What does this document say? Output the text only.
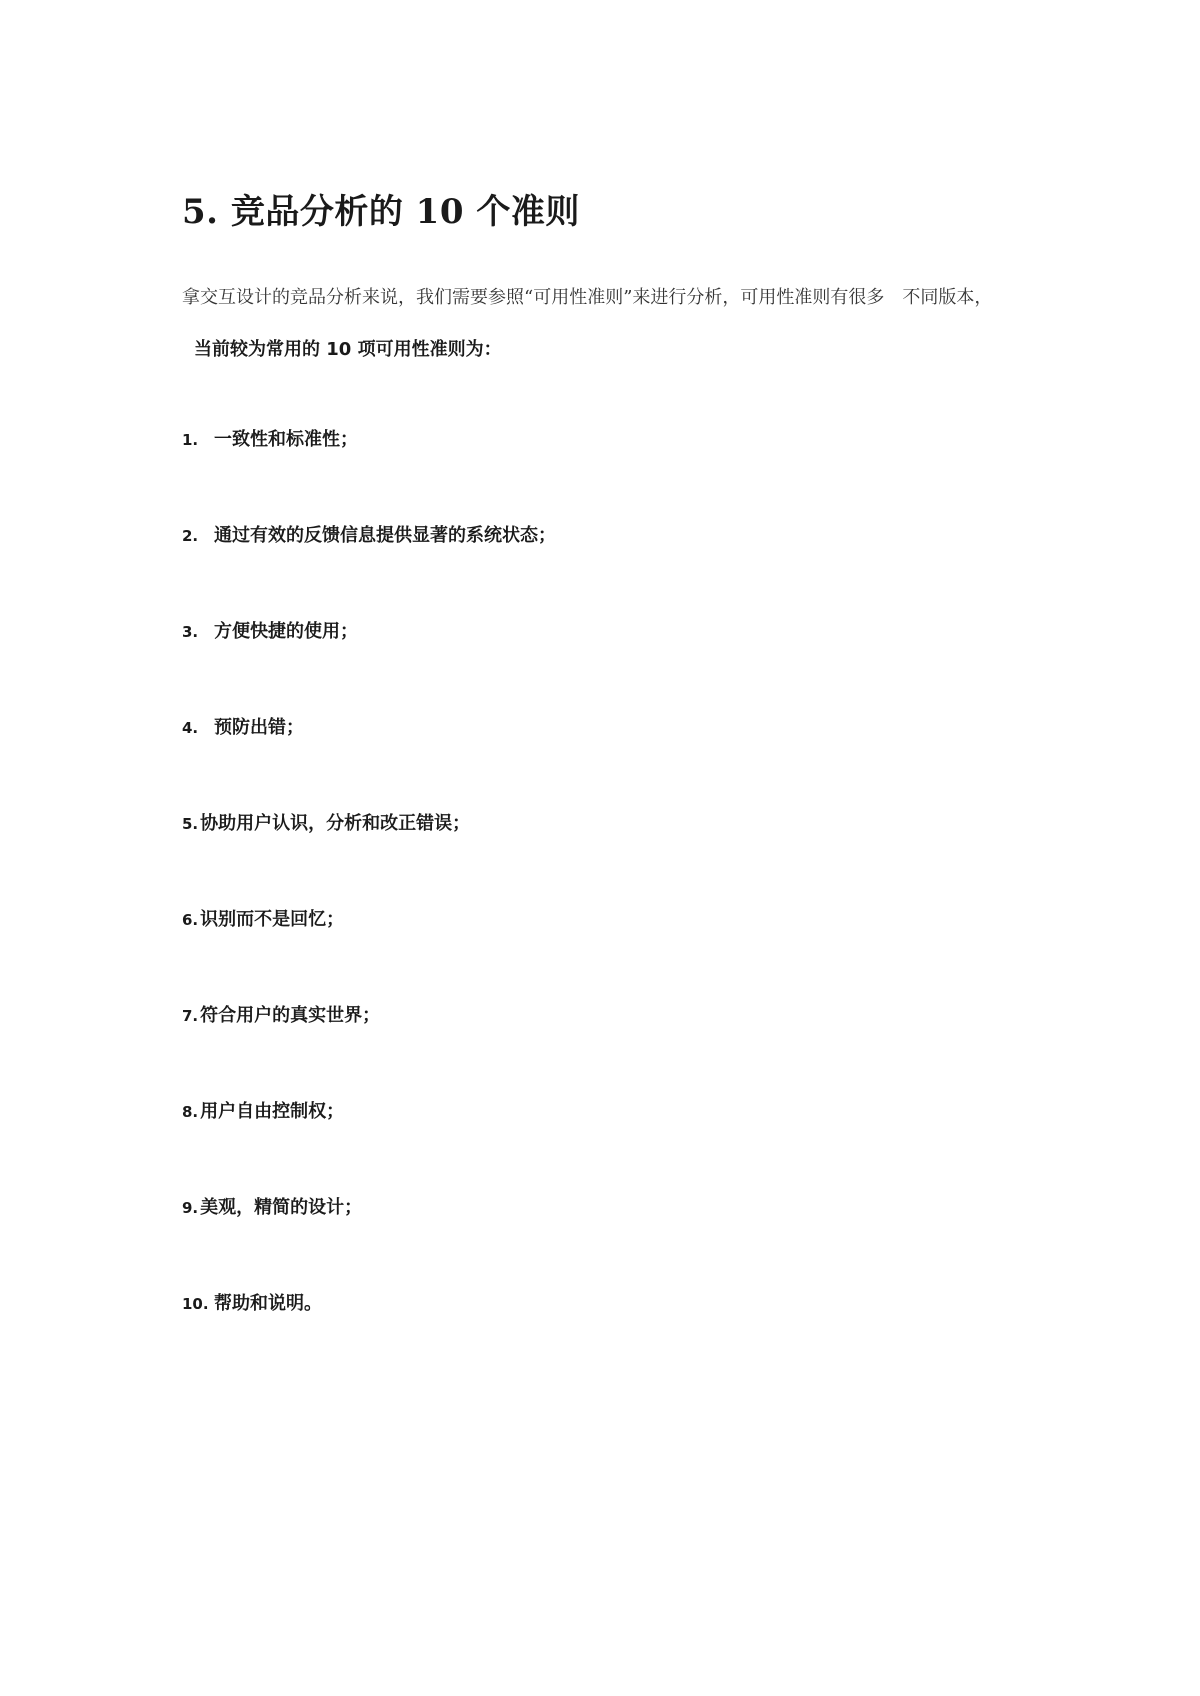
5. 竞品分析的 10 个准则

拿交互设计的竞品分析来说，我们需要参照“可用性准则”来进行分析，可用性准则有很多　不同版本，当前较为常用的 10 项可用性准则为：

1. 一致性和标准性；
2. 通过有效的反馈信息提供显著的系统状态；
3. 方便快捷的使用；
4. 预防出错；
5. 协助用户认识，分析和改正错误；
6. 识别而不是回忆；
7. 符合用户的真实世界；
8. 用户自由控制权；
9. 美观，精简的设计；
10. 帮助和说明。
